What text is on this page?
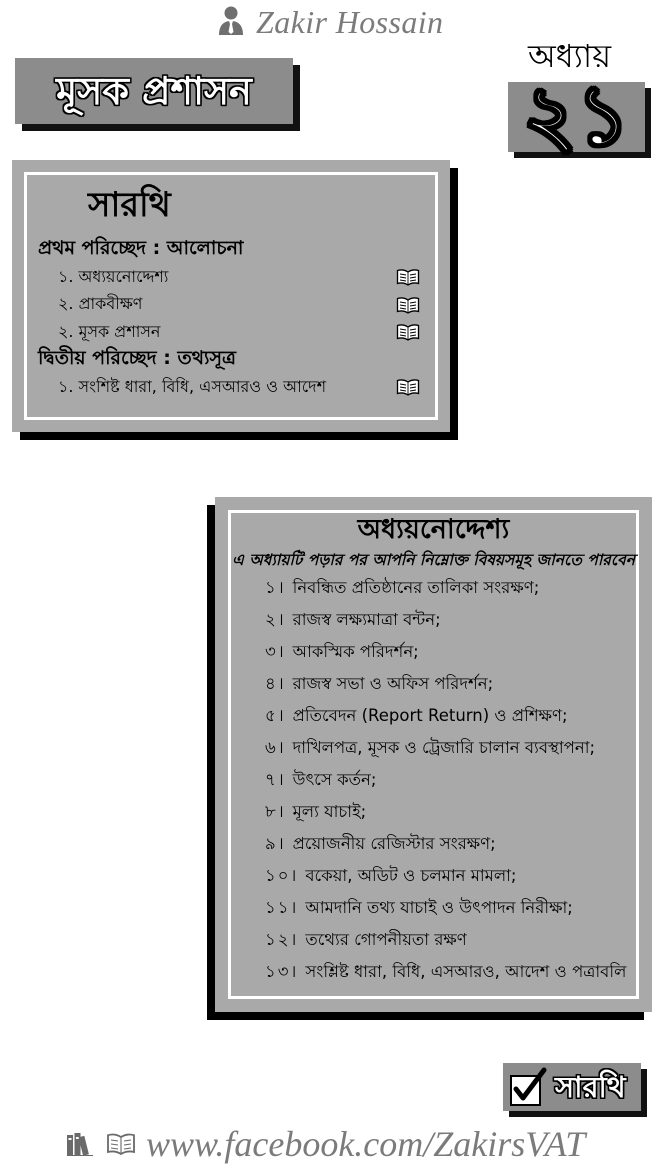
Zakir Hossain
মূসক প্রশাসন
অধ্যায়
২১
সারথি
প্রথম পরিচ্ছেদ : আলোচনা
১. অধ্যয়নোদ্দেশ্য
২. প্রাকবীক্ষণ
২. মূসক প্রশাসন
দ্বিতীয় পরিচ্ছেদ : তথ্যসূত্র
১. সংশিষ্ট ধারা, বিধি, এসআরও ও আদেশ
অধ্যয়নোদ্দেশ্য
এ অধ্যায়টি পড়ার পর আপনি নিম্নোক্ত বিষয়সমূহ জানতে পারবেন
১। নিবন্ধিত প্রতিষ্ঠানের তালিকা সংরক্ষণ;
২। রাজস্ব লক্ষ্যমাত্রা বন্টন;
৩। আকস্মিক পরিদর্শন;
৪। রাজস্ব সভা ও অফিস পরিদর্শন;
৫। প্রতিবেদন (Report Return) ও প্রশিক্ষণ;
৬। দাখিলপত্র, মূসক ও ট্রেজারি চালান ব্যবস্থাপনা;
৭। উৎসে কর্তন;
৮। মূল্য যাচাই;
৯। প্রয়োজনীয় রেজিস্টার সংরক্ষণ;
১০। বকেয়া, অডিট ও চলমান মামলা;
১১। আমদানি তথ্য যাচাই ও উৎপাদন নিরীক্ষা;
১২। তথ্যের গোপনীয়তা রক্ষণ
১৩। সংশ্লিষ্ট ধারা, বিধি, এসআরও, আদেশ ও পত্রাবলি
সারথি
www.facebook.com/ZakirsVAT
